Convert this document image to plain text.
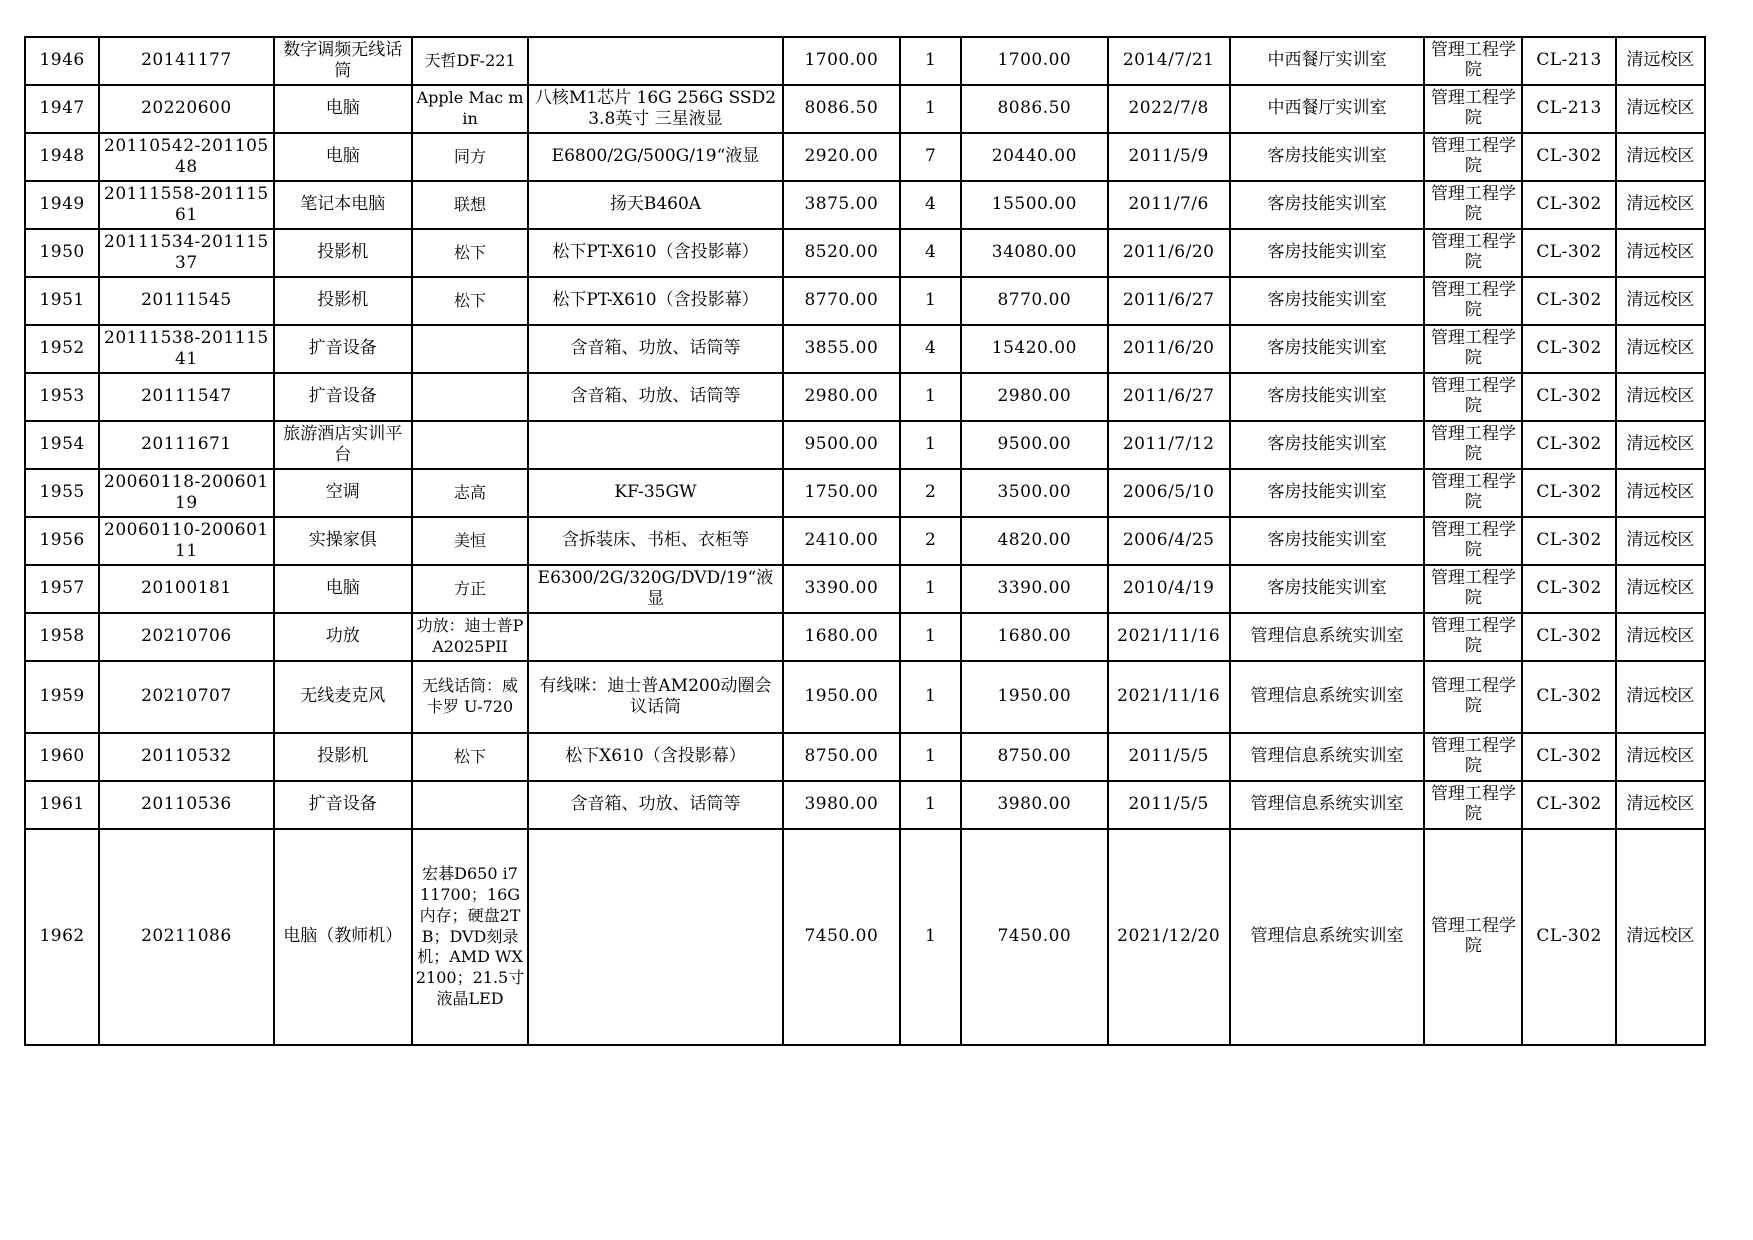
1946	20141177	数字调频无线话筒	天哲DF-221		1700.00	1	1700.00	2014/7/21	中西餐厅实训室	管理工程学院	CL-213	清远校区
1947	20220600	电脑	Apple Mac min	八核M1芯片 16G 256G SSD23.8英寸 三星液显	8086.50	1	8086.50	2022/7/8	中西餐厅实训室	管理工程学院	CL-213	清远校区
1948	20110542-20110548	电脑	同方	E6800/2G/500G/19“液显	2920.00	7	20440.00	2011/5/9	客房技能实训室	管理工程学院	CL-302	清远校区
1949	20111558-20111561	笔记本电脑	联想	扬天B460A	3875.00	4	15500.00	2011/7/6	客房技能实训室	管理工程学院	CL-302	清远校区
1950	20111534-20111537	投影机	松下	松下PT-X610（含投影幕）	8520.00	4	34080.00	2011/6/20	客房技能实训室	管理工程学院	CL-302	清远校区
1951	20111545	投影机	松下	松下PT-X610（含投影幕）	8770.00	1	8770.00	2011/6/27	客房技能实训室	管理工程学院	CL-302	清远校区
1952	20111538-20111541	扩音设备		含音箱、功放、话筒等	3855.00	4	15420.00	2011/6/20	客房技能实训室	管理工程学院	CL-302	清远校区
1953	20111547	扩音设备		含音箱、功放、话筒等	2980.00	1	2980.00	2011/6/27	客房技能实训室	管理工程学院	CL-302	清远校区
1954	20111671	旅游酒店实训平台			9500.00	1	9500.00	2011/7/12	客房技能实训室	管理工程学院	CL-302	清远校区
1955	20060118-20060119	空调	志高	KF-35GW	1750.00	2	3500.00	2006/5/10	客房技能实训室	管理工程学院	CL-302	清远校区
1956	20060110-20060111	实操家俱	美恒	含拆装床、书柜、衣柜等	2410.00	2	4820.00	2006/4/25	客房技能实训室	管理工程学院	CL-302	清远校区
1957	20100181	电脑	方正	E6300/2G/320G/DVD/19“液显	3390.00	1	3390.00	2010/4/19	客房技能实训室	管理工程学院	CL-302	清远校区
1958	20210706	功放	功放：迪士普PA2025PII		1680.00	1	1680.00	2021/11/16	管理信息系统实训室	管理工程学院	CL-302	清远校区
1959	20210707	无线麦克风	无线话筒：威卡罗 U-720	有线咪：迪士普AM200动圈会议话筒	1950.00	1	1950.00	2021/11/16	管理信息系统实训室	管理工程学院	CL-302	清远校区
1960	20110532	投影机	松下	松下X610（含投影幕）	8750.00	1	8750.00	2011/5/5	管理信息系统实训室	管理工程学院	CL-302	清远校区
1961	20110536	扩音设备		含音箱、功放、话筒等	3980.00	1	3980.00	2011/5/5	管理信息系统实训室	管理工程学院	CL-302	清远校区
1962	20211086	电脑（教师机）	宏碁D650 i7 11700；16G内存；硬盘2TB；DVD刻录机；AMD WX2100；21.5寸液晶LED		7450.00	1	7450.00	2021/12/20	管理信息系统实训室	管理工程学院	CL-302	清远校区
